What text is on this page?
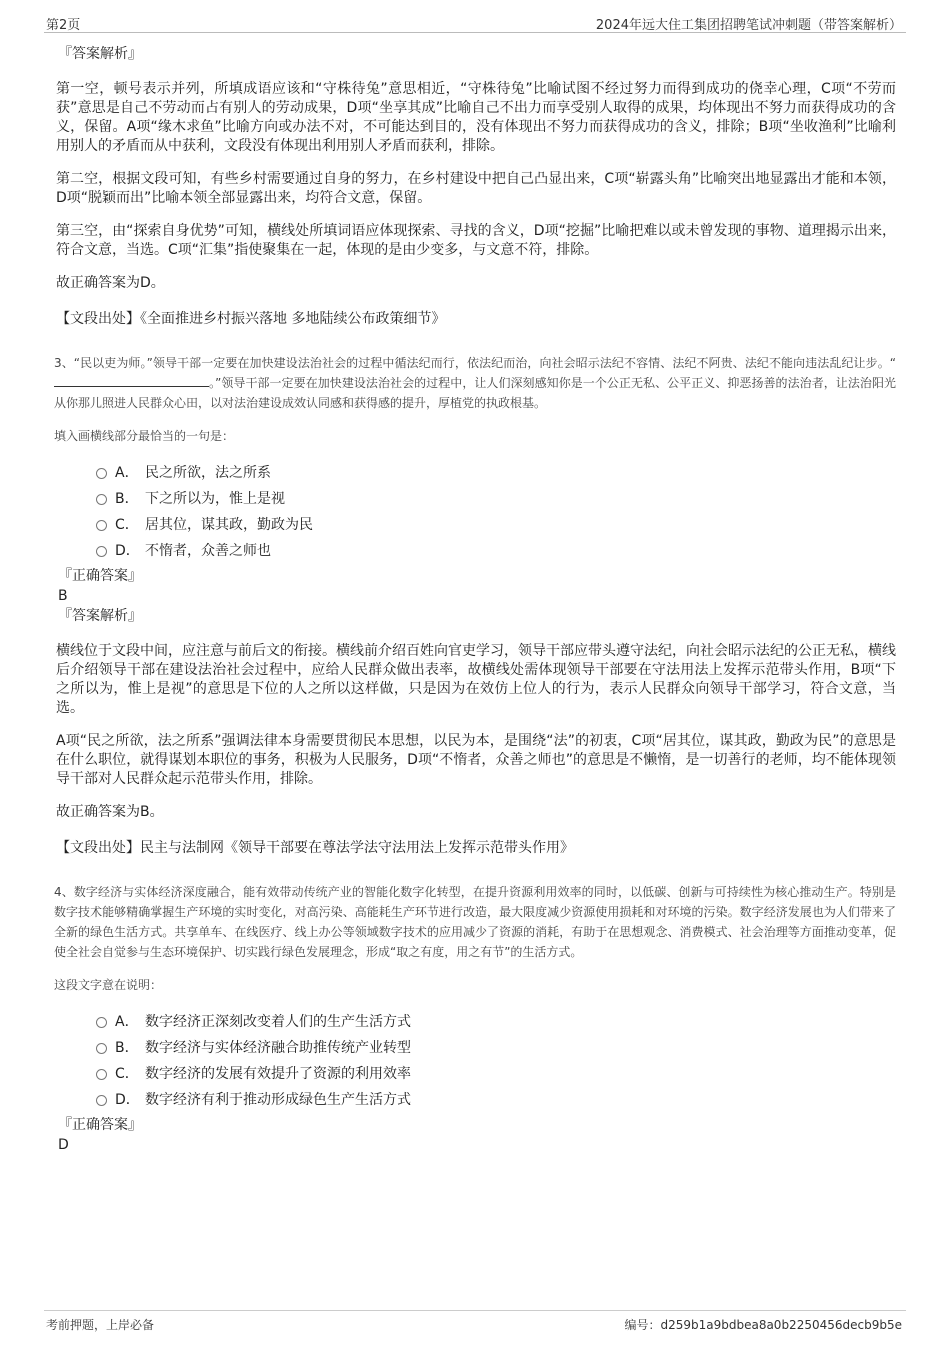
第2页	2024年远大住工集团招聘笔试冲刺题（带答案解析）
『答案解析』
第一空，顿号表示并列，所填成语应该和“守株待兔”意思相近，“守株待兔”比喻试图不经过努力而得到成功的侥幸心理，C项“不劳而获”意思是自己不劳动而占有别人的劳动成果，D项“坐享其成”比喻自己不出力而享受别人取得的成果，均体现出不努力而获得成功的含义，保留。A项“缘木求鱼”比喻方向或办法不对，不可能达到目的，没有体现出不努力而获得成功的含义，排除；B项“坐收渔利”比喻利用别人的矛盾而从中获利，文段没有体现出利用别人矛盾而获利，排除。
第二空，根据文段可知，有些乡村需要通过自身的努力，在乡村建设中把自己凸显出来，C项“崭露头角”比喻突出地显露出才能和本领，D项“脱颖而出”比喻本领全部显露出来，均符合文意，保留。
第三空，由“探索自身优势”可知，横线处所填词语应体现探索、寻找的含义，D项“挖掘”比喻把难以或未曾发现的事物、道理揭示出来，符合文意，当选。C项“汇集”指使聚集在一起，体现的是由少变多，与文意不符，排除。
故正确答案为D。
【文段出处】《全面推进乡村振兴落地 多地陆续公布政策细节》
3、“民以吏为师。”领导干部一定要在加快建设法治社会的过程中循法纪而行，依法纪而治，向社会昭示法纪不容情、法纪不阿贵、法纪不能向违法乱纪让步。“。”领导干部一定要在加快建设法治社会的过程中，让人们深刻感知你是一个公正无私、公平正义、抑恶扬善的法治者，让法治阳光从你那儿照进人民群众心田，以对法治建设成效认同感和获得感的提升，厚植党的执政根基。
填入画横线部分最恰当的一句是：
A． 民之所欲，法之所系
B． 下之所以为，惟上是视
C． 居其位，谋其政，勤政为民
D． 不惰者，众善之师也
『正确答案』
B
『答案解析』
横线位于文段中间，应注意与前后文的衔接。横线前介绍百姓向官吏学习，领导干部应带头遵守法纪，向社会昭示法纪的公正无私，横线后介绍领导干部在建设法治社会过程中，应给人民群众做出表率，故横线处需体现领导干部要在守法用法上发挥示范带头作用，B项“下之所以为，惟上是视”的意思是下位的人之所以这样做，只是因为在效仿上位人的行为，表示人民群众向领导干部学习，符合文意，当选。
A项“民之所欲，法之所系”强调法律本身需要贯彻民本思想，以民为本，是围绕“法”的初衷，C项“居其位，谋其政，勤政为民”的意思是在什么职位，就得谋划本职位的事务，积极为人民服务，D项“不惰者，众善之师也”的意思是不懒惰，是一切善行的老师，均不能体现领导干部对人民群众起示范带头作用，排除。
故正确答案为B。
【文段出处】民主与法制网《领导干部要在尊法学法守法用法上发挥示范带头作用》
4、数字经济与实体经济深度融合，能有效带动传统产业的智能化数字化转型，在提升资源利用效率的同时，以低碳、创新与可持续性为核心推动生产。特别是数字技术能够精确掌握生产环境的实时变化，对高污染、高能耗生产环节进行改造，最大限度减少资源使用损耗和对环境的污染。数字经济发展也为人们带来了全新的绿色生活方式。共享单车、在线医疗、线上办公等领域数字技术的应用减少了资源的消耗，有助于在思想观念、消费模式、社会治理等方面推动变革，促使全社会自觉参与生态环境保护、切实践行绿色发展理念，形成“取之有度，用之有节”的生活方式。
这段文字意在说明：
A． 数字经济正深刻改变着人们的生产生活方式
B． 数字经济与实体经济融合助推传统产业转型
C． 数字经济的发展有效提升了资源的利用效率
D． 数字经济有利于推动形成绿色生产生活方式
『正确答案』
D
考前押题，上岸必备	编号：d259b1a9bdbea8a0b2250456decb9b5e
